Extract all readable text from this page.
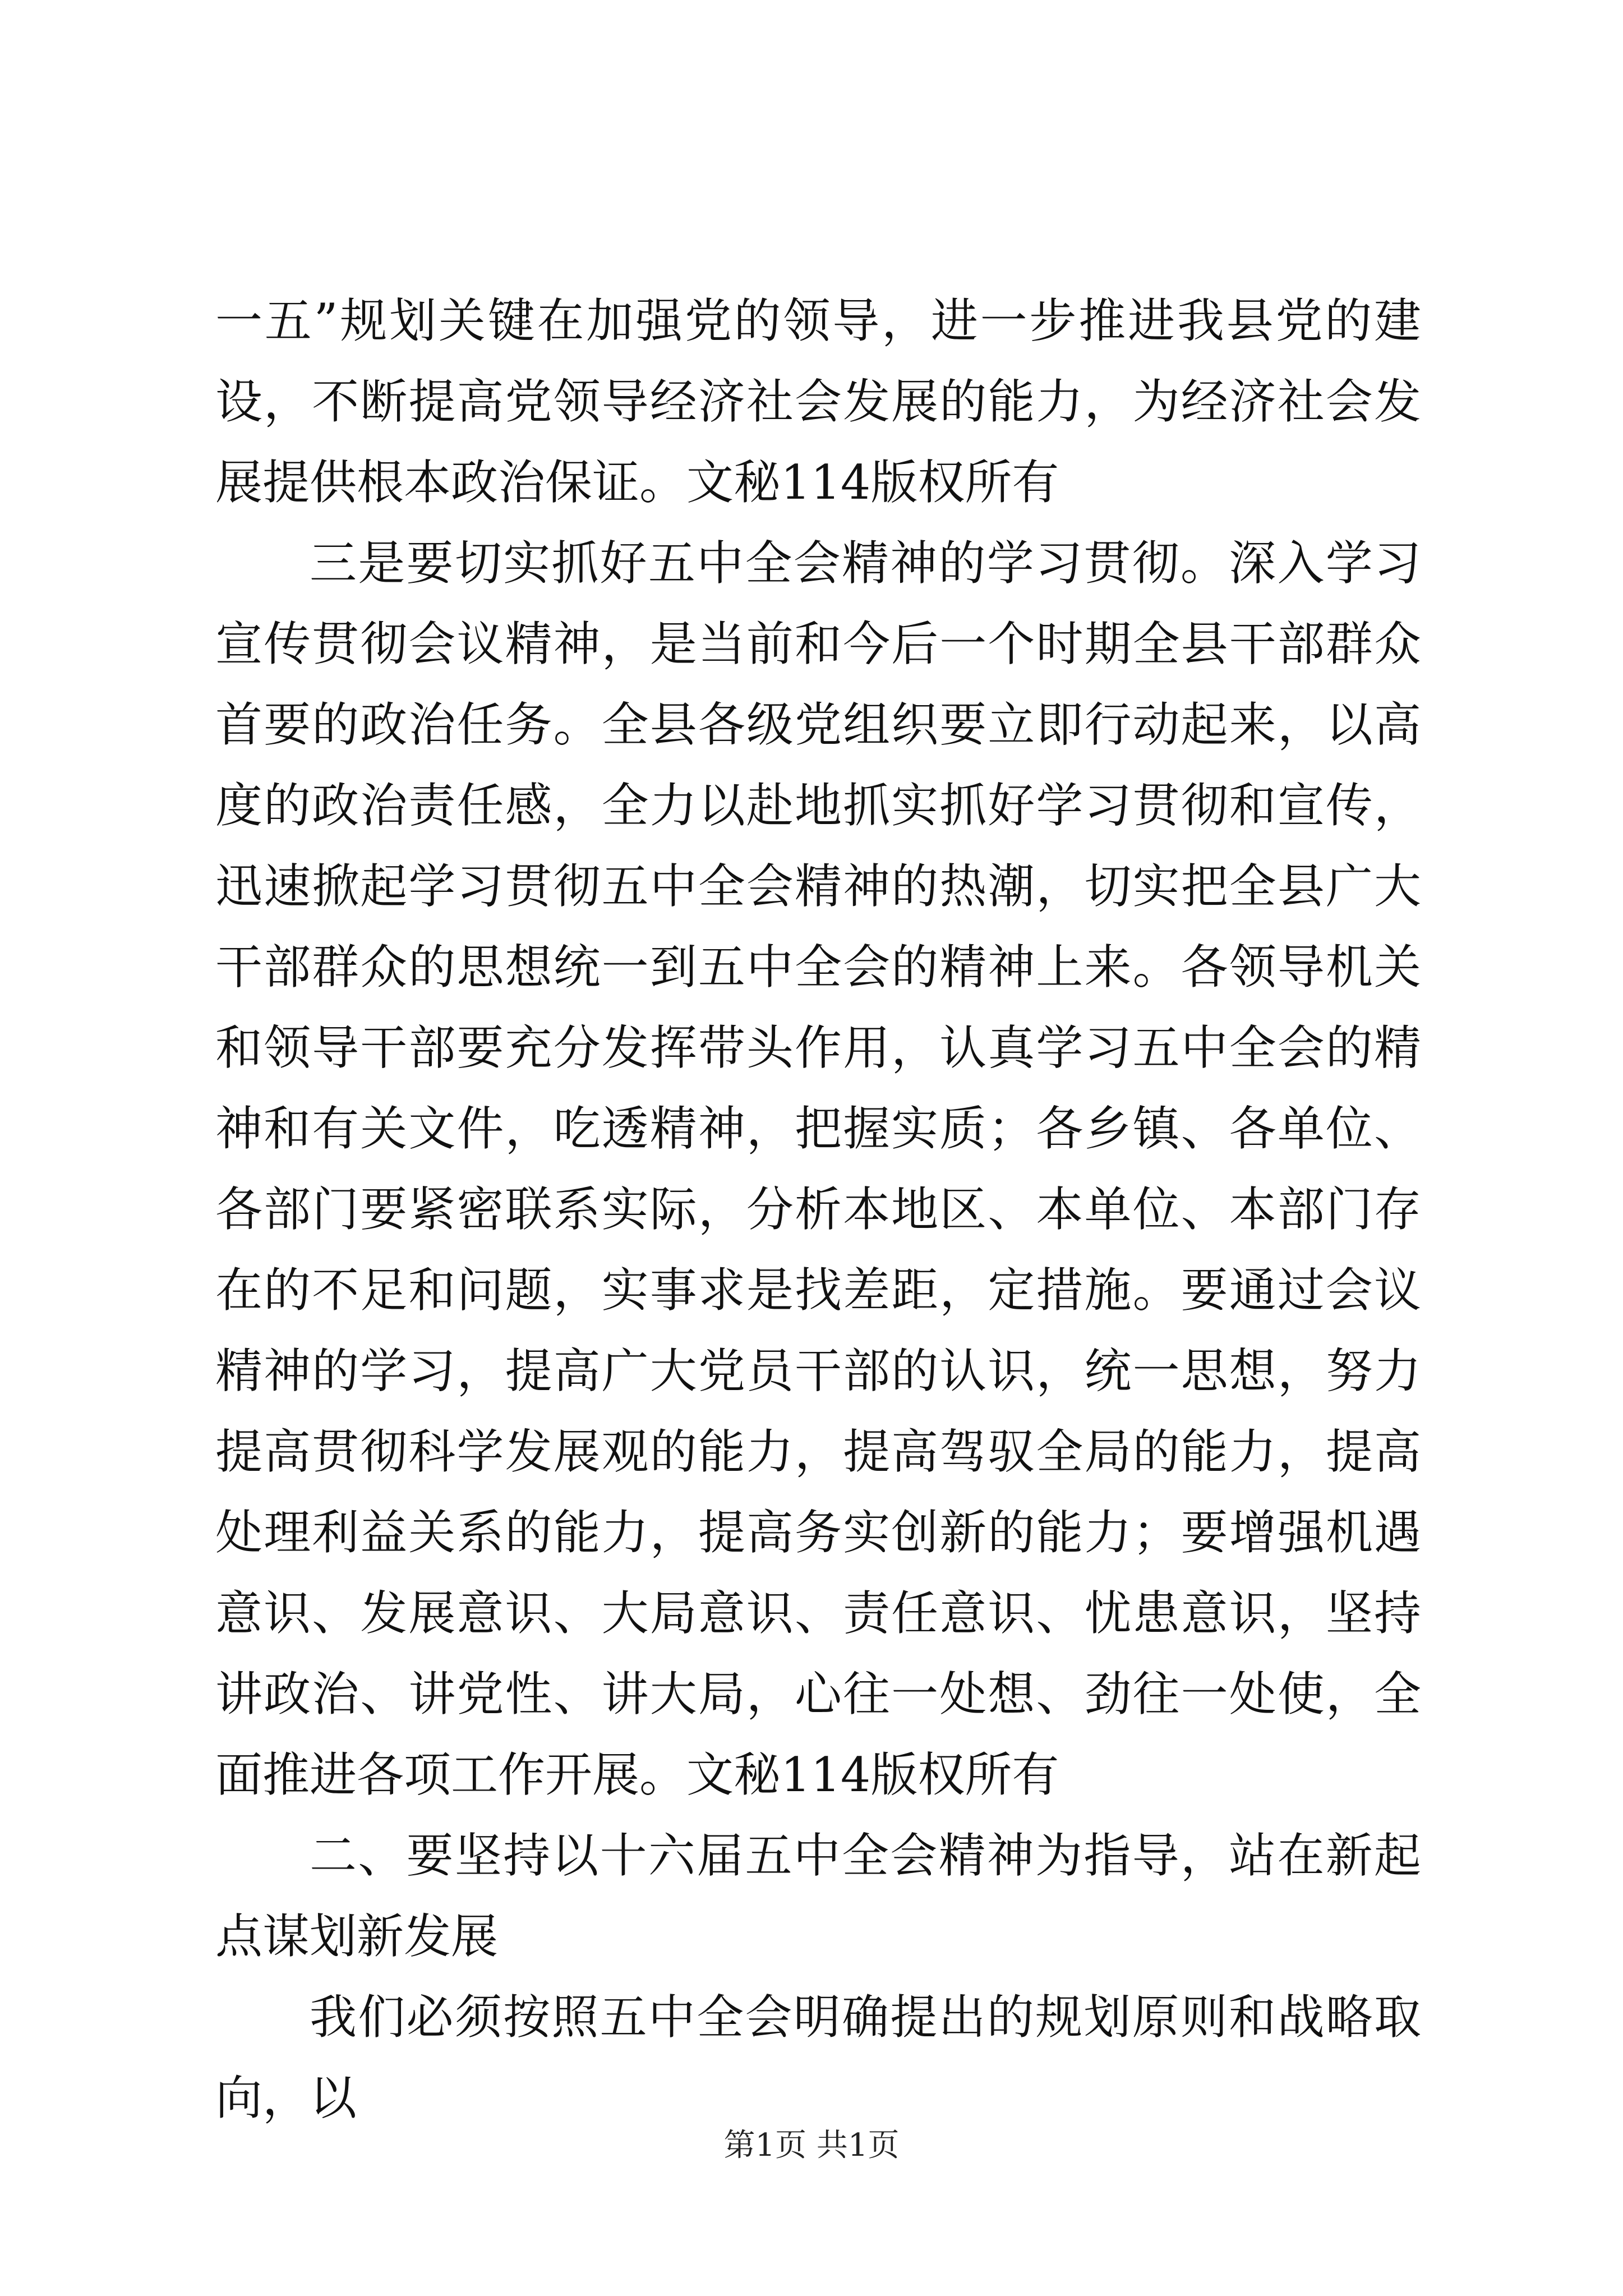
一五”规划关键在加强党的领导，进一步推进我县党的建设，不断提高党领导经济社会发展的能力，为经济社会发展提供根本政治保证。文秘114版权所有

三是要切实抓好五中全会精神的学习贯彻。深入学习宣传贯彻会议精神，是当前和今后一个时期全县干部群众首要的政治任务。全县各级党组织要立即行动起来，以高度的政治责任感，全力以赴地抓实抓好学习贯彻和宣传，迅速掀起学习贯彻五中全会精神的热潮，切实把全县广大干部群众的思想统一到五中全会的精神上来。各领导机关和领导干部要充分发挥带头作用，认真学习五中全会的精神和有关文件，吃透精神，把握实质；各乡镇、各单位、各部门要紧密联系实际，分析本地区、本单位、本部门存在的不足和问题，实事求是找差距，定措施。要通过会议精神的学习，提高广大党员干部的认识，统一思想，努力提高贯彻科学发展观的能力，提高驾驭全局的能力，提高处理利益关系的能力，提高务实创新的能力；要增强机遇意识、发展意识、大局意识、责任意识、忧患意识，坚持讲政治、讲党性、讲大局，心往一处想、劲往一处使，全面推进各项工作开展。文秘114版权所有

二、要坚持以十六届五中全会精神为指导，站在新起点谋划新发展

我们必须按照五中全会明确提出的规划原则和战略取向，以

第1页 共1页
